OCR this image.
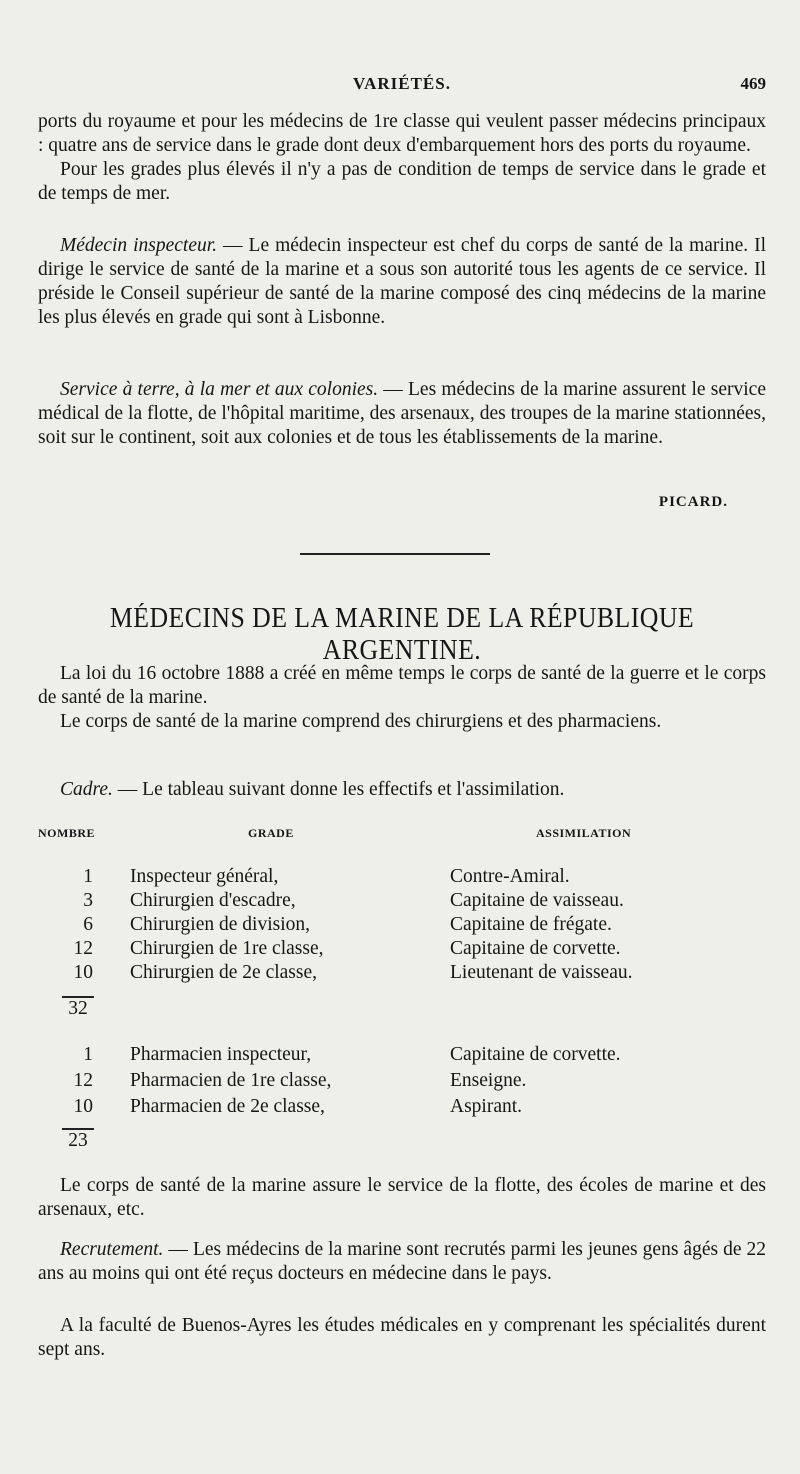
VARIÉTÉS.	469

ports du royaume et pour les médecins de 1re classe qui veulent passer médecins principaux : quatre ans de service dans le grade dont deux d'embarquement hors des ports du royaume.

Pour les grades plus élevés il n'y a pas de condition de temps de service dans le grade et de temps de mer.

Médecin inspecteur. — Le médecin inspecteur est chef du corps de santé de la marine. Il dirige le service de santé de la marine et a sous son autorité tous les agents de ce service. Il préside le Conseil supérieur de santé de la marine composé des cinq médecins de la marine les plus élevés en grade qui sont à Lisbonne.

Service à terre, à la mer et aux colonies. — Les médecins de la marine assurent le service médical de la flotte, de l'hôpital maritime, des arsenaux, des troupes de la marine stationnées, soit sur le continent, soit aux colonies et de tous les établissements de la marine.

PICARD.
MÉDECINS DE LA MARINE DE LA RÉPUBLIQUE ARGENTINE.

La loi du 16 octobre 1888 a créé en même temps le corps de santé de la guerre et le corps de santé de la marine.

Le corps de santé de la marine comprend des chirurgiens et des pharmaciens.

Cadre. — Le tableau suivant donne les effectifs et l'assimilation.

NOMBRE	GRADE	ASSIMILATION
1 Inspecteur général,	Contre-Amiral.
3 Chirurgien d'escadre,	Capitaine de vaisseau.
6 Chirurgien de division,	Capitaine de frégate.
12 Chirurgien de 1re classe,	Capitaine de corvette.
10 Chirurgien de 2e classe,	Lieutenant de vaisseau.
32
1 Pharmacien inspecteur,	Capitaine de corvette.
12 Pharmacien de 1re classe,	Enseigne.
10 Pharmacien de 2e classe,	Aspirant.
23

Le corps de santé de la marine assure le service de la flotte, des écoles de marine et des arsenaux, etc.

Recrutement. — Les médecins de la marine sont recrutés parmi les jeunes gens âgés de 22 ans au moins qui ont été reçus docteurs en médecine dans le pays.

A la faculté de Buenos-Ayres les études médicales en y comprenant les spécialités durent sept ans.
